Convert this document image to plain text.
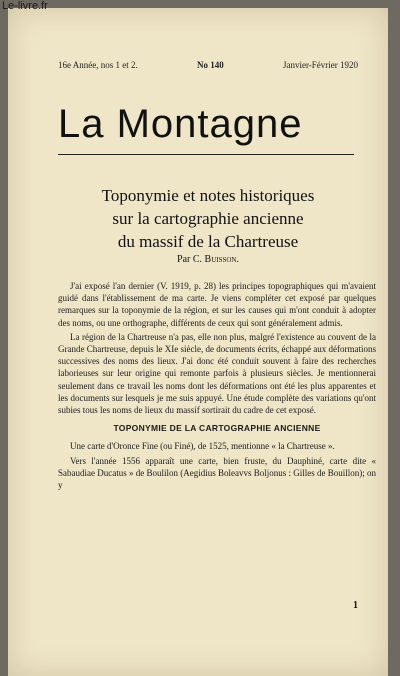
Le-livre.fr
16e Année, nos 1 et 2.	No 140	Janvier-Février 1920
La Montagne
Toponymie et notes historiques
sur la cartographie ancienne
du massif de la Chartreuse
Par C. Buisson.

J'ai exposé l'an dernier (V. 1919, p. 28) les principes topographiques qui m'avaient guidé dans l'établissement de ma carte. Je viens compléter cet exposé par quelques remarques sur la toponymie de la région, et sur les causes qui m'ont conduit à adopter des noms, ou une orthographe, différents de ceux qui sont généralement admis.

La région de la Chartreuse n'a pas, elle non plus, malgré l'existence au couvent de la Grande Chartreuse, depuis le XIe siècle, de documents écrits, échappé aux déformations successives des noms des lieux. J'ai donc été conduit souvent à faire des recherches laborieuses sur leur origine qui remonte parfois à plusieurs siècles. Je mentionnerai seulement dans ce travail les noms dont les déformations ont été les plus apparentes et les documents sur lesquels je me suis appuyé. Une étude complète des variations qu'ont subies tous les noms de lieux du massif sortirait du cadre de cet exposé.

TOPONYMIE DE LA CARTOGRAPHIE ANCIENNE

Une carte d'Oronce Fine (ou Finé), de 1525, mentionne « la Chartreuse ».

Vers l'année 1556 apparaît une carte, bien fruste, du Dauphiné, carte dite « Sabaudiae Ducatus » de Boulilon (Aegidius Boleavvs Boljonus : Gilles de Bouillon); on y

1
